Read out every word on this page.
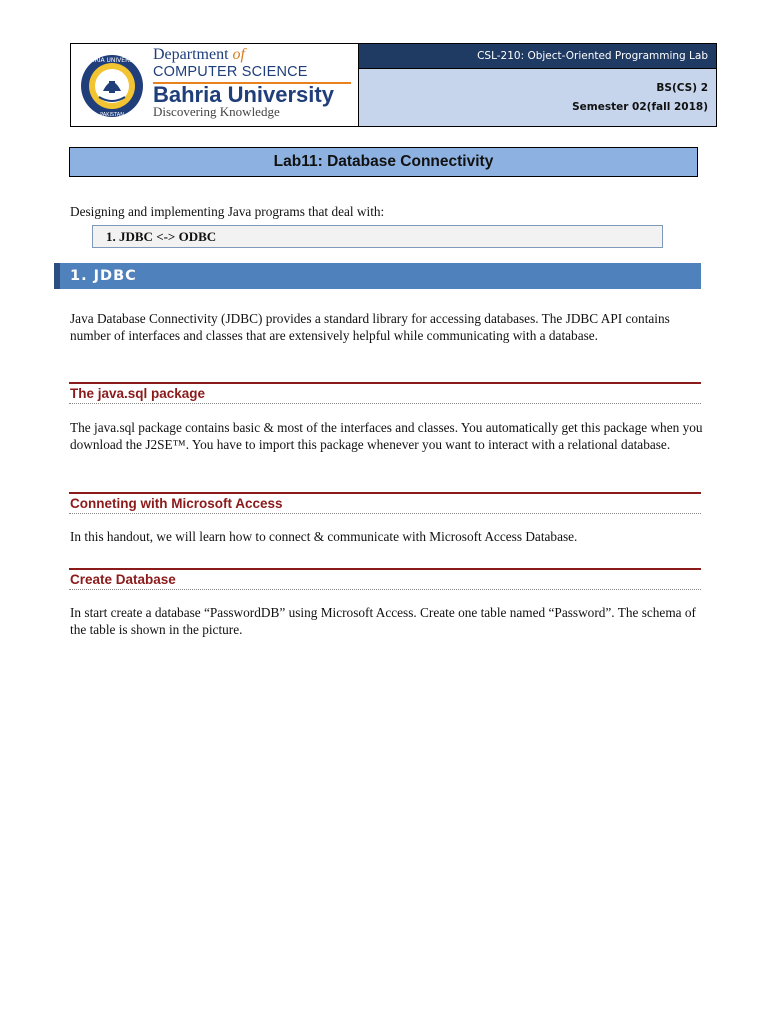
BAHRIA UNIVERSITY
PAKISTAN
Department of
COMPUTER SCIENCE
Bahria University
Discovering Knowledge
CSL-210: Object-Oriented Programming Lab
BS(CS) 2
Semester 02(fall 2018)
Lab11: Database Connectivity
Designing and implementing Java programs that deal with:
1. JDBC <-> ODBC
1. JDBC
Java Database Connectivity (JDBC) provides a standard library for accessing databases. The JDBC API contains number of interfaces and classes that are extensively helpful while communicating with a database.
The java.sql package
The java.sql package contains basic & most of the interfaces and classes. You automatically get this package when you download the J2SE™. You have to import this package whenever you want to interact with a relational database.
Conneting with Microsoft Access
In this handout, we will learn how to connect & communicate with Microsoft Access Database.
Create Database
In start create a database “PasswordDB” using Microsoft Access. Create one table named “Password”. The schema of the table is shown in the picture.
